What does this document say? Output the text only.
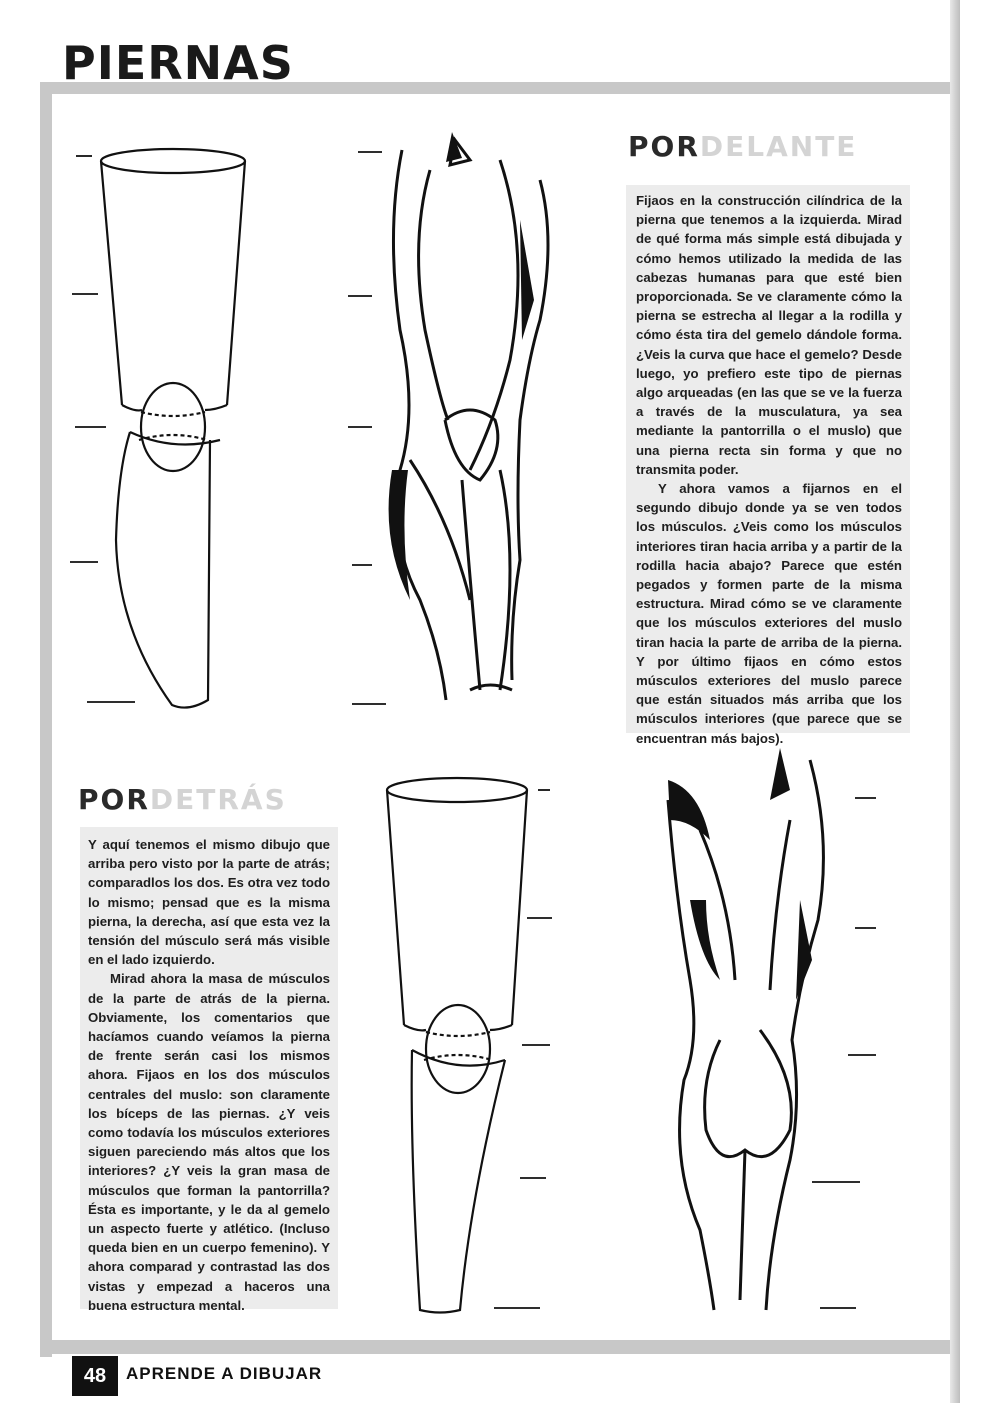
PIERNAS
PORDELANTE

Fijaos en la construcción cilíndrica de la pierna que tenemos a la izquierda. Mirad de qué forma más simple está dibujada y cómo hemos utilizado la medida de las cabezas humanas para que esté bien proporcionada. Se ve claramente cómo la pierna se estrecha al llegar a la rodilla y cómo ésta tira del gemelo dándole forma. ¿Veis la curva que hace el gemelo? Desde luego, yo prefiero este tipo de piernas algo arqueadas (en las que se ve la fuerza a través de la musculatura, ya sea mediante la pantorrilla o el muslo) que una pierna recta sin forma y que no transmita poder.

Y ahora vamos a fijarnos en el segundo dibujo donde ya se ven todos los músculos. ¿Veis como los músculos interiores tiran hacia arriba y a partir de la rodilla hacia abajo? Parece que estén pegados y formen parte de la misma estructura. Mirad cómo se ve claramente que los músculos exteriores del muslo tiran hacia la parte de arriba de la pierna. Y por último fijaos en cómo estos músculos exteriores del muslo parece que están situados más arriba que los músculos interiores (que parece que se encuentran más bajos).

PORDETRÁS

Y aquí tenemos el mismo dibujo que arriba pero visto por la parte de atrás; comparadlos los dos. Es otra vez todo lo mismo; pensad que es la misma pierna, la derecha, así que esta vez la tensión del músculo será más visible en el lado izquierdo.

Mirad ahora la masa de músculos de la parte de atrás de la pierna. Obviamente, los comentarios que hacíamos cuando veíamos la pierna de frente serán casi los mismos ahora. Fijaos en los dos músculos centrales del muslo: son claramente los bíceps de las piernas. ¿Y veis como todavía los músculos exteriores siguen pareciendo más altos que los interiores? ¿Y veis la gran masa de músculos que forman la pantorrilla? Ésta es importante, y le da al gemelo un aspecto fuerte y atlético. (Incluso queda bien en un cuerpo femenino). Y ahora comparad y contrastad las dos vistas y empezad a haceros una buena estructura mental.

48	APRENDE A DIBUJAR
